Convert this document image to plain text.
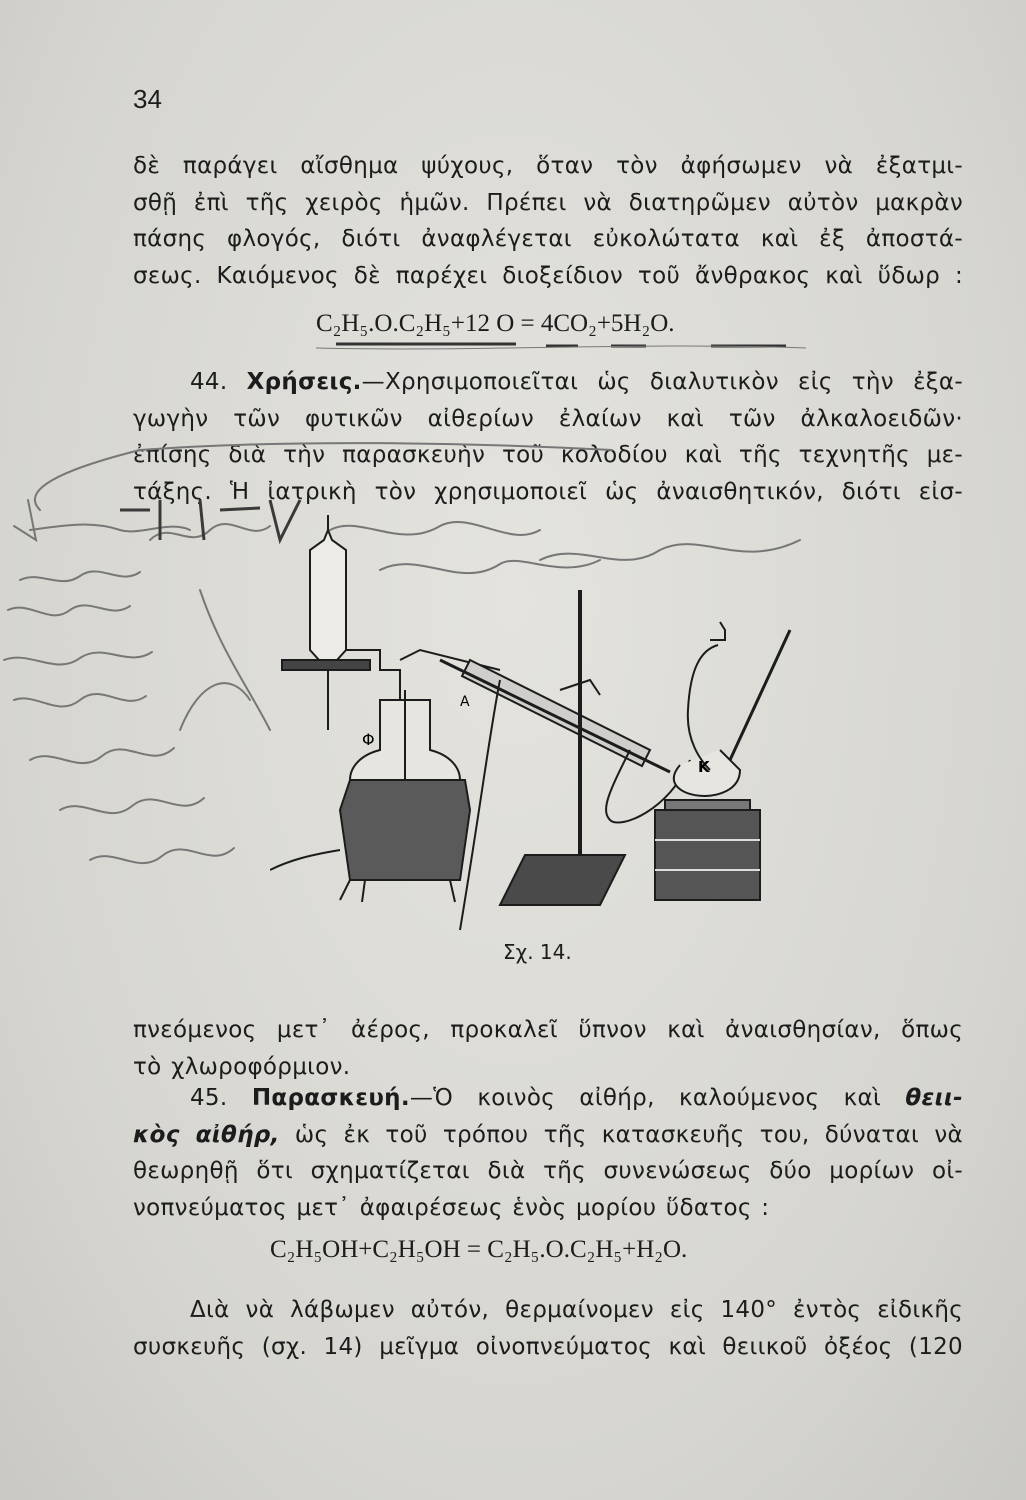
34
δὲ παράγει αἴσθημα ψύχους, ὅταν τὸν ἀφήσωμεν νὰ ἐξατμι-
σθῇ ἐπὶ τῆς χειρὸς ἡμῶν. Πρέπει νὰ διατηρῶμεν αὐτὸν μακρὰν
πάσης φλογός, διότι ἀναφλέγεται εὐκολώτατα καὶ ἐξ ἀποστά-
σεως. Καιόμενος δὲ παρέχει διοξείδιον τοῦ ἄνθρακος καὶ ὕδωρ :
C₂H₅.O.C₂H₅+12 O = 4CO₂+5H₂O.
44. Χρήσεις.—Χρησιμοποιεῖται ὡς διαλυτικὸν εἰς τὴν ἐξα-
γωγὴν τῶν φυτικῶν αἰθερίων ἐλαίων καὶ τῶν ἀλκαλοειδῶν·
ἐπίσης διὰ τὴν παρασκευὴν τοῦ κολοδίου καὶ τῆς τεχνητῆς με-
τάξης. Ἡ ἰατρικὴ τὸν χρησιμοποιεῖ ὡς ἀναισθητικόν, διότι εἰσ-
Φ
Α
Κ
Σχ. 14.
πνεόμενος μετ᾿ ἀέρος, προκαλεῖ ὕπνον καὶ ἀναισθησίαν, ὅπως
τὸ χλωροφόρμιον.
45. Παρασκευή.—Ὁ κοινὸς αἰθήρ, καλούμενος καὶ θειι-
κὸς αἰθήρ, ὡς ἐκ τοῦ τρόπου τῆς κατασκευῆς του, δύναται νὰ
θεωρηθῇ ὅτι σχηματίζεται διὰ τῆς συνενώσεως δύο μορίων οἰ-
νοπνεύματος μετ᾿ ἀφαιρέσεως ἑνὸς μορίου ὕδατος :
C₂H₅OH+C₂H₅OH = C₂H₅.O.C₂H₅+H₂O.
Διὰ νὰ λάβωμεν αὐτόν, θερμαίνομεν εἰς 140° ἐντὸς εἰδικῆς
συσκευῆς (σχ. 14) μεῖγμα οἰνοπνεύματος καὶ θειικοῦ ὀξέος (120
